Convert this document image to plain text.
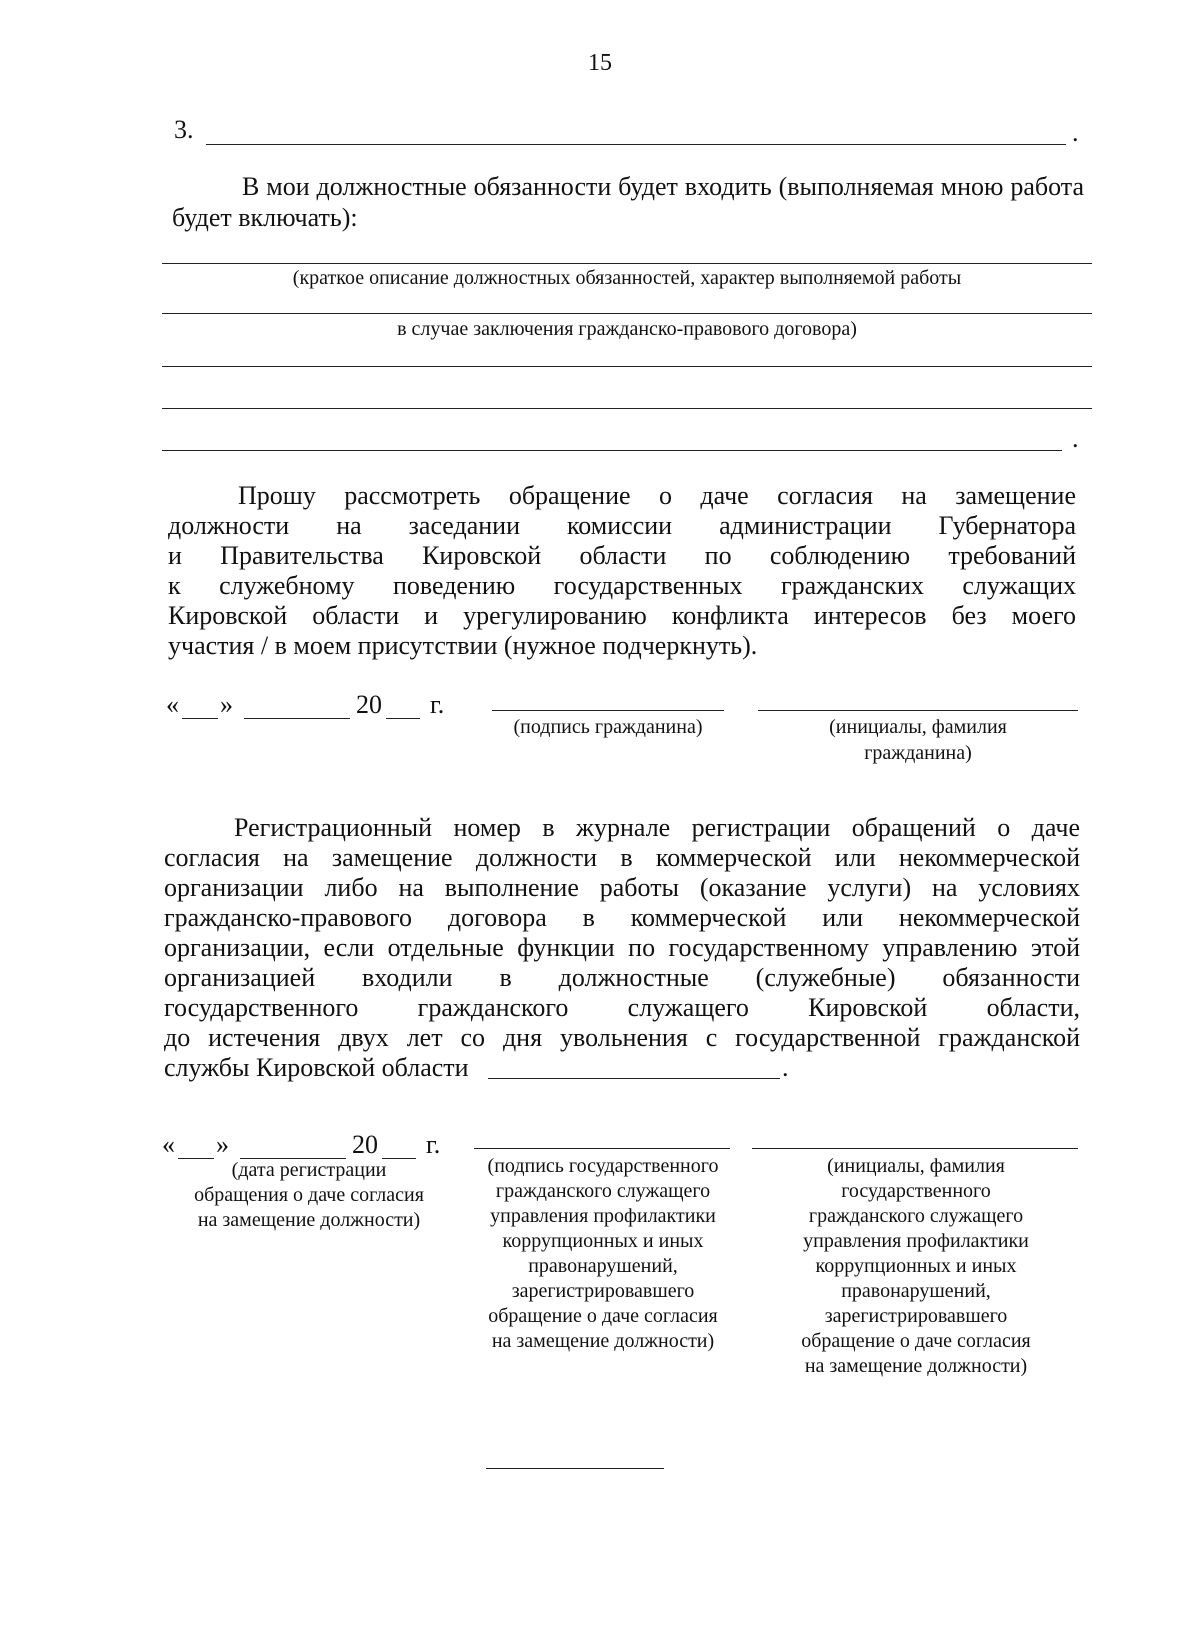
15
3.	.
В мои должностные обязанности будет входить (выполняемая мною работа будет включать):
(краткое описание должностных обязанностей, характер выполняемой работы
в случае заключения гражданско-правового договора)
.
Прошу рассмотреть обращение о даче согласия на замещение
должности на заседании комиссии администрации Губернатора
и Правительства Кировской области по соблюдению требований
к служебному поведению государственных гражданских служащих
Кировской области и урегулированию конфликта интересов без моего
участия / в моем присутствии (нужное подчеркнуть).
« »	20 г.
(подпись гражданина)	(инициалы, фамилия
гражданина)
Регистрационный номер в журнале регистрации обращений о даче
согласия на замещение должности в коммерческой или некоммерческой
организации либо на выполнение работы (оказание услуги) на условиях
гражданско-правового договора в коммерческой или некоммерческой
организации, если отдельные функции по государственному управлению этой
организацией входили в должностные (служебные) обязанности
государственного гражданского служащего Кировской области,
до истечения двух лет со дня увольнения с государственной гражданской
службы Кировской области	.
« »	20 г.
(дата регистрации
обращения о даче согласия
на замещение должности)
(подпись государственного
гражданского служащего
управления профилактики
коррупционных и иных
правонарушений,
зарегистрировавшего
обращение о даче согласия
на замещение должности)
(инициалы, фамилия
государственного
гражданского служащего
управления профилактики
коррупционных и иных
правонарушений,
зарегистрировавшего
обращение о даче согласия
на замещение должности)
